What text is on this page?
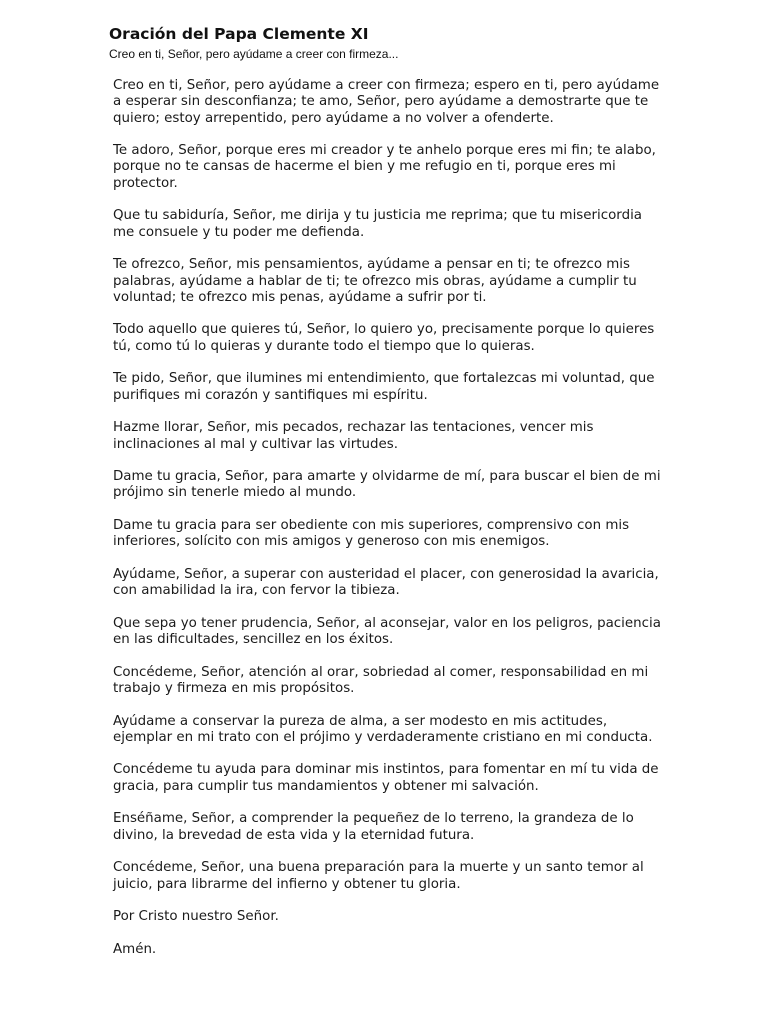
Oración del Papa Clemente XI

Creo en ti, Señor, pero ayúdame a creer con firmeza...

Creo en ti, Señor, pero ayúdame a creer con firmeza; espero en ti, pero ayúdame a esperar sin desconfianza; te amo, Señor, pero ayúdame a demostrarte que te quiero; estoy arrepentido, pero ayúdame a no volver a ofenderte.

Te adoro, Señor, porque eres mi creador y te anhelo porque eres mi fin; te alabo, porque no te cansas de hacerme el bien y me refugio en ti, porque eres mi protector.

Que tu sabiduría, Señor, me dirija y tu justicia me reprima; que tu misericordia me consuele y tu poder me defienda.

Te ofrezco, Señor, mis pensamientos, ayúdame a pensar en ti; te ofrezco mis palabras, ayúdame a hablar de ti; te ofrezco mis obras, ayúdame a cumplir tu voluntad; te ofrezco mis penas, ayúdame a sufrir por ti.

Todo aquello que quieres tú, Señor, lo quiero yo, precisamente porque lo quieres tú, como tú lo quieras y durante todo el tiempo que lo quieras.

Te pido, Señor, que ilumines mi entendimiento, que fortalezcas mi voluntad, que purifiques mi corazón y santifiques mi espíritu.

Hazme llorar, Señor, mis pecados, rechazar las tentaciones, vencer mis inclinaciones al mal y cultivar las virtudes.

Dame tu gracia, Señor, para amarte y olvidarme de mí, para buscar el bien de mi prójimo sin tenerle miedo al mundo.

Dame tu gracia para ser obediente con mis superiores, comprensivo con mis inferiores, solícito con mis amigos y generoso con mis enemigos.

Ayúdame, Señor, a superar con austeridad el placer, con generosidad la avaricia, con amabilidad la ira, con fervor la tibieza.

Que sepa yo tener prudencia, Señor, al aconsejar, valor en los peligros, paciencia en las dificultades, sencillez en los éxitos.

Concédeme, Señor, atención al orar, sobriedad al comer, responsabilidad en mi trabajo y firmeza en mis propósitos.

Ayúdame a conservar la pureza de alma, a ser modesto en mis actitudes, ejemplar en mi trato con el prójimo y verdaderamente cristiano en mi conducta.

Concédeme tu ayuda para dominar mis instintos, para fomentar en mí tu vida de gracia, para cumplir tus mandamientos y obtener mi salvación.

Enséñame, Señor, a comprender la pequeñez de lo terreno, la grandeza de lo divino, la brevedad de esta vida y la eternidad futura.

Concédeme, Señor, una buena preparación para la muerte y un santo temor al juicio, para librarme del infierno y obtener tu gloria.

Por Cristo nuestro Señor.

Amén.
